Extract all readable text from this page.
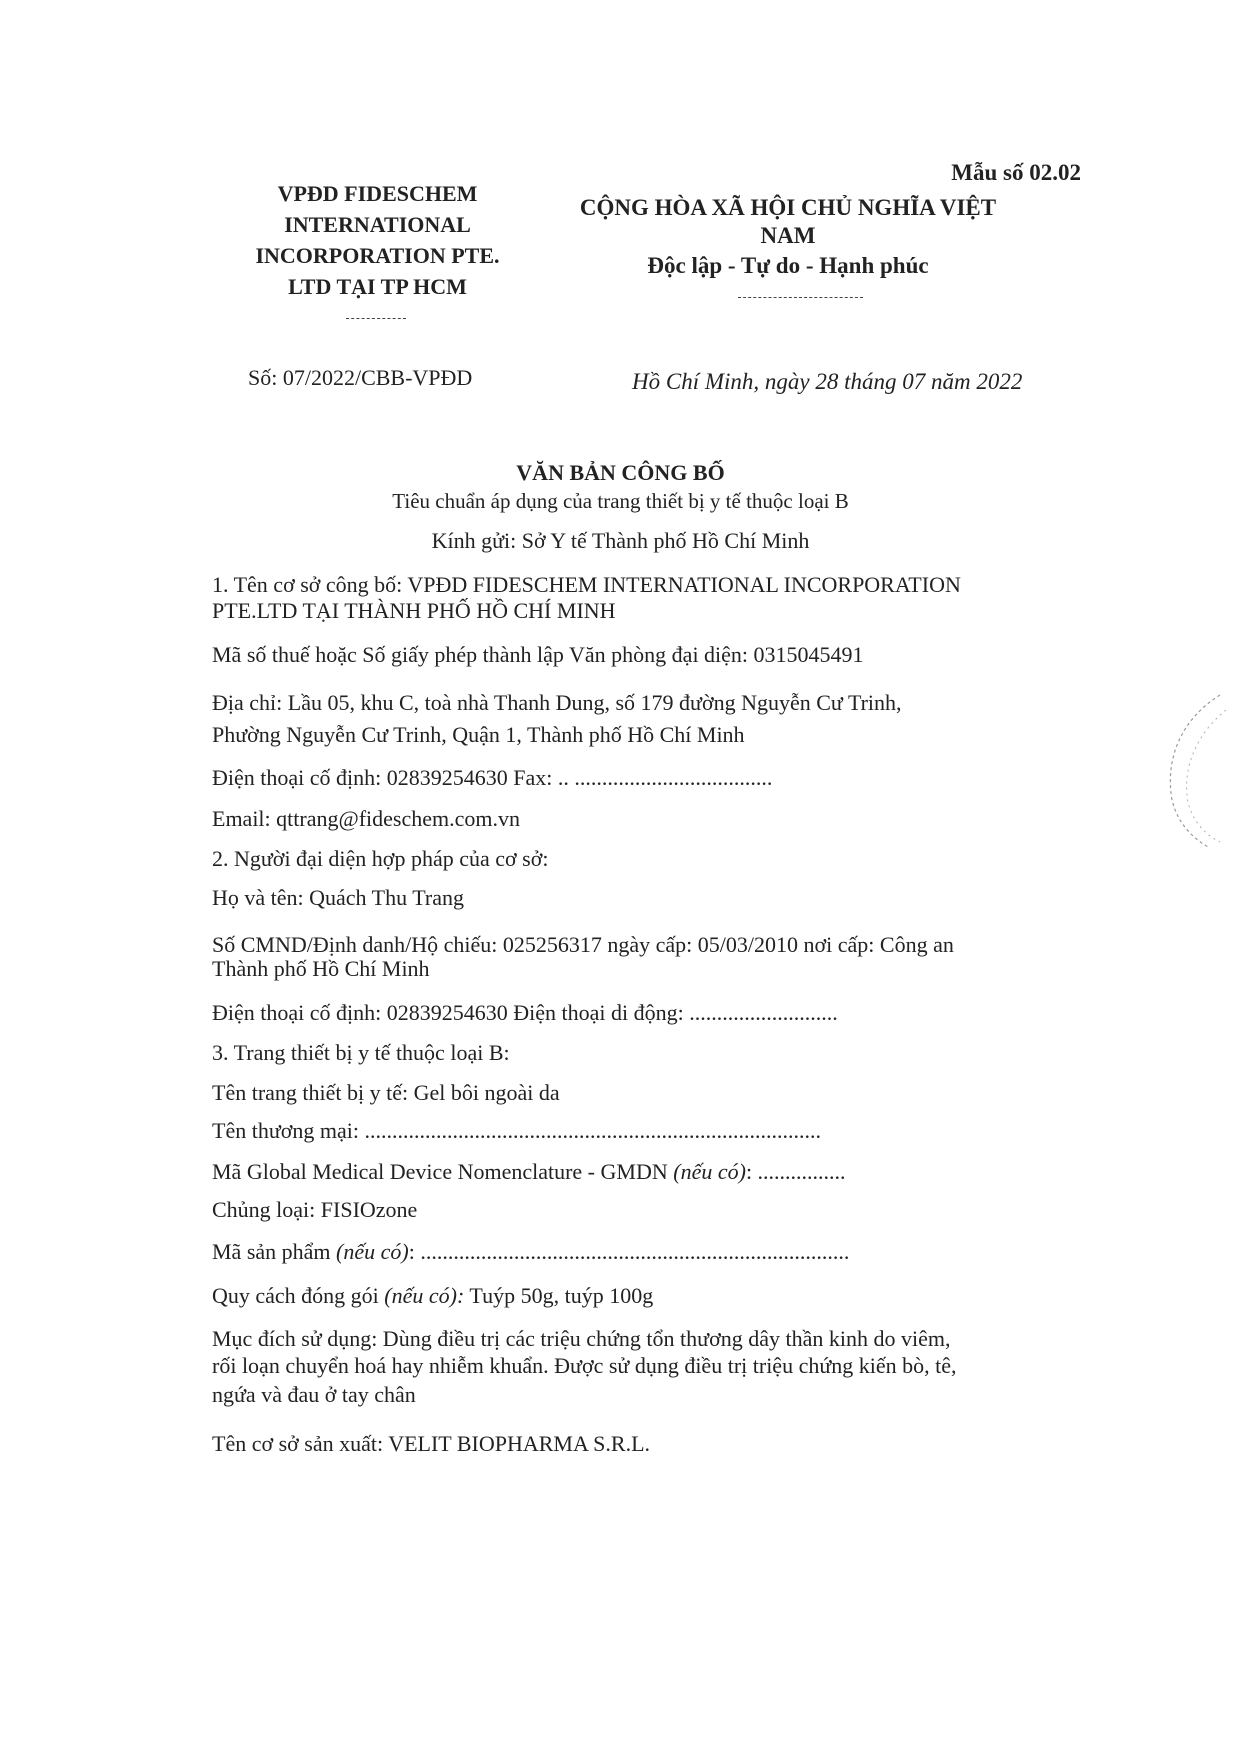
Mẫu số 02.02
VPĐD FIDESCHEM
INTERNATIONAL
INCORPORATION PTE.
LTD TẠI TP HCM
CỘNG HÒA XÃ HỘI CHỦ NGHĨA VIỆT
NAM
Độc lập - Tự do - Hạnh phúc
Số: 07/2022/CBB-VPĐD	Hồ Chí Minh, ngày 28 tháng 07 năm 2022
VĂN BẢN CÔNG BỐ
Tiêu chuẩn áp dụng của trang thiết bị y tế thuộc loại B
Kính gửi: Sở Y tế Thành phố Hồ Chí Minh
1. Tên cơ sở công bố: VPĐD FIDESCHEM INTERNATIONAL INCORPORATION
PTE.LTD TẠI THÀNH PHỐ HỒ CHÍ MINH
Mã số thuế hoặc Số giấy phép thành lập Văn phòng đại diện: 0315045491
Địa chỉ: Lầu 05, khu C, toà nhà Thanh Dung, số 179 đường Nguyễn Cư Trinh,
Phường Nguyễn Cư Trinh, Quận 1, Thành phố Hồ Chí Minh
Điện thoại cố định: 02839254630 Fax: .. ....................................
Email: qttrang@fideschem.com.vn
2. Người đại diện hợp pháp của cơ sở:
Họ và tên: Quách Thu Trang
Số CMND/Định danh/Hộ chiếu: 025256317 ngày cấp: 05/03/2010 nơi cấp: Công an
Thành phố Hồ Chí Minh
Điện thoại cố định: 02839254630 Điện thoại di động: ...........................
3. Trang thiết bị y tế thuộc loại B:
Tên trang thiết bị y tế: Gel bôi ngoài da
Tên thương mại: ...................................................................................
Mã Global Medical Device Nomenclature - GMDN (nếu có): ................
Chủng loại: FISIOzone
Mã sản phẩm (nếu có): ..............................................................................
Quy cách đóng gói (nếu có): Tuýp 50g, tuýp 100g
Mục đích sử dụng: Dùng điều trị các triệu chứng tổn thương dây thần kinh do viêm,
rối loạn chuyển hoá hay nhiễm khuẩn. Được sử dụng điều trị triệu chứng kiến bò, tê,
ngứa và đau ở tay chân
Tên cơ sở sản xuất: VELIT BIOPHARMA S.R.L.
